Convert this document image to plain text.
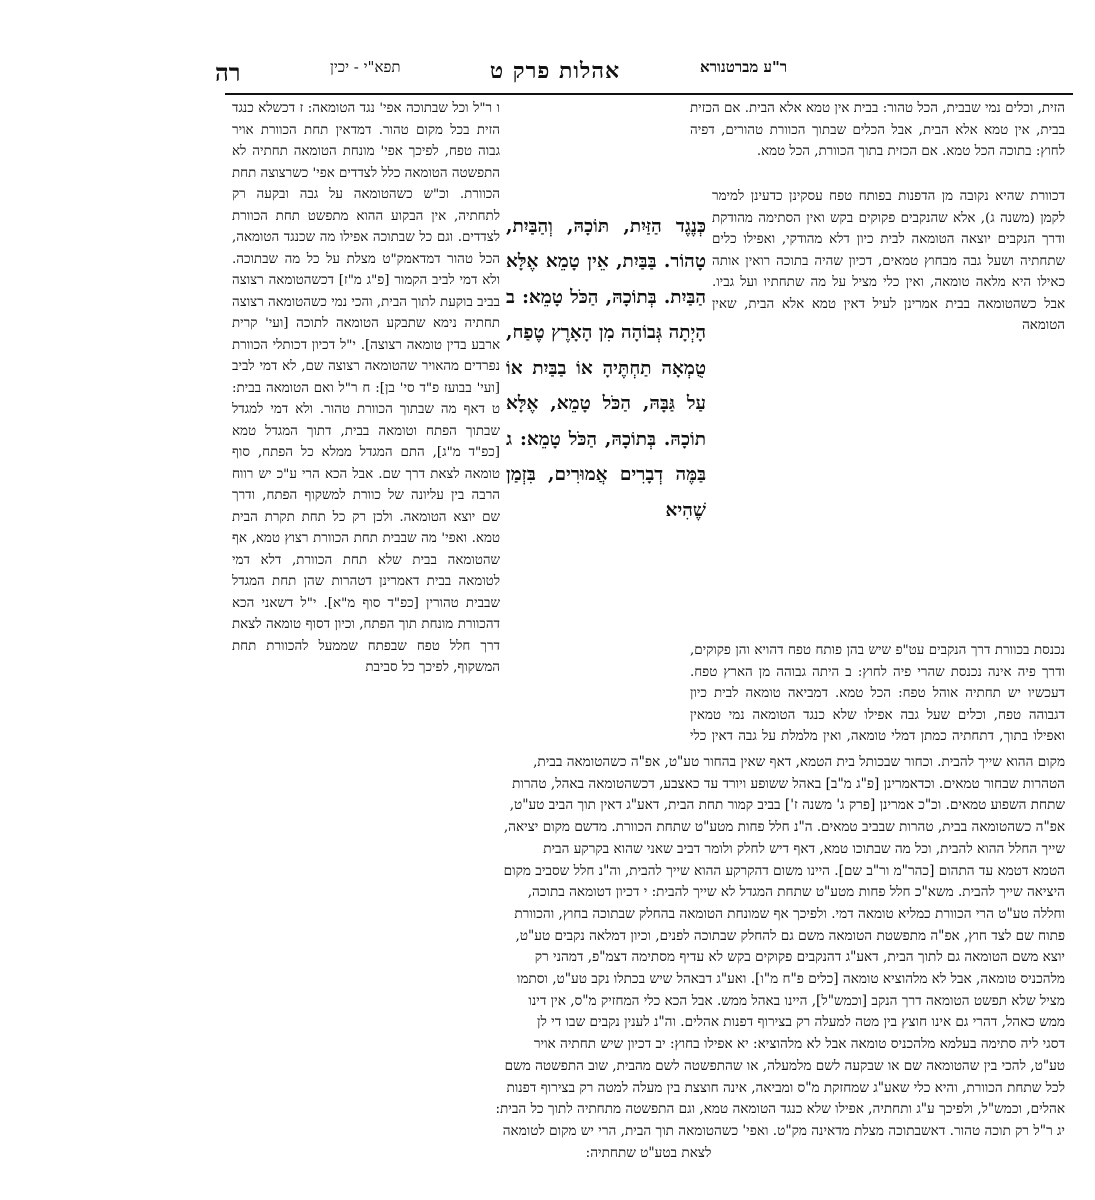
ר"ע מברטנורא
אהלות פרק ט
תפא"י - יכין
רה

הזית, וכלים נמי שבבית, הכל טהור: בבית אין טמא אלא הבית. אם הכזית בבית, אין טמא אלא הבית, אבל הכלים שבתוך הכוורת טהורים, דפיה לחוץ: בתוכה הכל טמא. אם הכזית בתוך הכוורת, הכל טמא.

דכוורת שהיא נקובה מן הדפנות בפותח טפח עסקינן כדעינן למימר לקמן (משנה ג), אלא שהנקבים פקוקים בקש ואין הסתימה מהודקת ודרך הנקבים יוצאה הטומאה לבית כיון דלא מהודקי, ואפילו כלים שתחתיה ושעל גבה מבחוץ טמאים, דכיון שהיה בתוכה רואין אותה כאילו היא מלאה טומאה, ואין כלי מציל על מה שתחתיו ועל גביו. אבל כשהטומאה בבית אמרינן לעיל דאין טמא אלא הבית, שאין הטומאה

כְּנֶגֶד הַזַּיִת, תּוֹכָהּ, וְהַבַּיִת, טָהוֹר. בַּבַּיִת, אֵין טָמֵא אֶלָּא הַבַּיִת. בְּתוֹכָהּ, הַכֹּל טָמֵא: ב הָיְתָה גְּבוֹהָה מִן הָאָרֶץ טֶפַח, טֻמְאָה תַחְתֶּיהָ אוֹ בַבַּיִת אוֹ עַל גַּבָּהּ, הַכֹּל טָמֵא, אֶלָּא תוֹכָהּ. בְּתוֹכָהּ, הַכֹּל טָמֵא: ג בַּמֶּה דְבָרִים אֲמוּרִים, בִּזְמַן שֶׁהִיא

נכנסת בכוורת דרך הנקבים עט"פ שיש בהן פותח טפח דהויא והן פקוקים, ודרך פיה אינה נכנסת שהרי פיה לחוץ: ב היתה גבוהה מן הארץ טפח. דעכשיו יש תחתיה אוהל טפח: הכל טמא. דמביאה טומאה לבית כיון דגבוהה טפח, וכלים שעל גבה אפילו שלא כנגד הטומאה נמי טמאין ואפילו בתוך, דתחתיה כמתן דמלי טומאה, ואין מלמלת על גבה דאין כלי

ו ר"ל וכל שבתוכה אפי' נגד הטומאה: ז דכשלא כנגד הזית בכל מקום טהור. דמדאין תחת הכוורת אויר גבוה טפח, לפיכך אפי' מונחת הטומאה תחתיה לא התפשטה הטומאה כלל לצדדים אפי' כשרצוצה תחת הכוורת. וכ"ש כשהטומאה על גבה ובקעה רק לתחתיה, אין הבקוע ההוא מתפשט תחת הכוורת לצדדים. וגם כל שבתוכה אפילו מה שכנגד הטומאה, הכל טהור דמדאמק"ט מצלת על כל מה שבתוכה. ולא דמי לביב הקמור [פ"ג מ"ז] דכשהטומאה רצוצה בביב בוקעת לתוך הבית, והכי נמי כשהטומאה רצוצה תחתיה נימא שתבקע הטומאה לתוכה [ועי' קרית ארבע בדין טומאה רצוצה]. י"ל דכיון דכותלי הכוורת נפרדים מהאויר שהטומאה רצוצה שם, לא דמי לביב [ועי' בבועז פ"ד סי' בן]: ח ר"ל ואם הטומאה בבית: ט דאף מה שבתוך הכוורת טהור. ולא דמי למגדל שבתוך הפתח וטומאה בבית, דתוך המגדל טמא [כפ"ד מ"ג], התם המגדל ממלא כל הפתח, סוף טומאה לצאת דרך שם. אבל הכא הרי ע"כ יש רווח הרבה בין עליונה של כוורת למשקוף הפתח, ודרך שם יוצא הטומאה. ולכן רק כל תחת תקרת הבית טמא. ואפי' מה שבבית תחת הכוורת רצוץ טמא, אף שהטומאה בבית שלא תחת הכוורת, דלא דמי לטומאה בבית דאמרינן דטהרות שהן תחת המגדל שבבית טהורין [כפ"ד סוף מ"א]. י"ל דשאני הכא דהכוורת מונחת תוך הפתח, וכיון דסוף טומאה לצאת דרך חלל טפח שבפתח שממעל להכוורת תחת המשקוף, לפיכך כל סביבת

מקום ההוא שייך להבית. וכחור שבכותל בית הטמא, דאף שאין בהחור טע"ט, אפ"ה כשהטומאה בבית,

הטהרות שבחור טמאים. וכדאמרינן [פ"ג מ"ב] באהל ששופע ויורד עד כאצבע, דכשהטומאה באהל, טהרות

שתחת השפוע טמאים. וכ"כ אמרינן [פרק ג' משנה ז'] בביב קמור תחת הבית, דאע"ג דאין תוך הביב טע"ט,

אפ"ה כשהטומאה בבית, טהרות שבביב טמאים. ה"נ חלל פחות מטע"ט שתחת הכוורת. מדשם מקום יציאה,

שייך החלל ההוא להבית, וכל מה שבתוכו טמא, דאף דיש לחלק ולומר דביב שאני שהוא בקרקע הבית

הטמא דטמא עד התהום [כהר"מ ור"ב שם]. היינו משום דהקרקע ההוא שייך להבית, וה"נ חלל שסביב מקום

היציאה שייך להבית. משא"כ חלל פחות מטע"ט שתחת המגדל לא שייך להבית: י דכיון דטומאה בתוכה,

וחללה טע"ט הרי הכוורת כמליא טומאה דמי. ולפיכך אף שמונחת הטומאה בהחלק שבתוכה בחוץ, והכוורת

פתוח שם לצד חוץ, אפ"ה מתפשטת הטומאה משם גם להחלק שבתוכה לפנים, וכיון דמלאה נקבים טע"ט,

יוצא משם הטומאה גם לתוך הבית, דאע"ג דהנקבים פקוקים בקש לא עדיף מסתימה דצמ"פ, דמהני רק

מלהכניס טומאה, אבל לא מלהוציא טומאה [כלים פ"ח מ"ו]. ואע"ג דבאהל שיש בכתלו נקב טע"ט, וסתמו

מציל שלא תפשט הטומאה דרך הנקב [וכמש"ל], היינו באהל ממש. אבל הכא כלי המחזיק מ"ס, אין דינו

ממש כאהל, דהרי גם אינו חוצץ בין מטה למעלה רק בצירוף דפנות אהלים. וה"נ לענין נקבים שבו די לן

דסגי ליה סתימה בעלמא מלהכניס טומאה אבל לא מלהוציא: יא אפילו בחוץ: יב דכיון שיש תחתיה אויר

טע"ט, להכי בין שהטומאה שם או שבקעה לשם מלמעלה, או שהתפשטה לשם מהבית, שוב התפשטה משם

לכל שתחת הכוורת, והיא כלי שאע"ג שמחזקת מ"ס ומביאה, אינה חוצצת בין מעלה למטה רק בצירוף דפנות

אהלים, וכמש"ל, ולפיכך ע"ג ותחתיה, אפילו שלא כנגד הטומאה טמא, וגם התפשטה מתחתיה לתוך כל הבית:

יג ר"ל רק תוכה טהור. דאשבתוכה מצלת מדאינה מק"ט. ואפי' כשהטומאה תוך הבית, הרי יש מקום לטומאה

לצאת בטע"ט שתחתיה:
